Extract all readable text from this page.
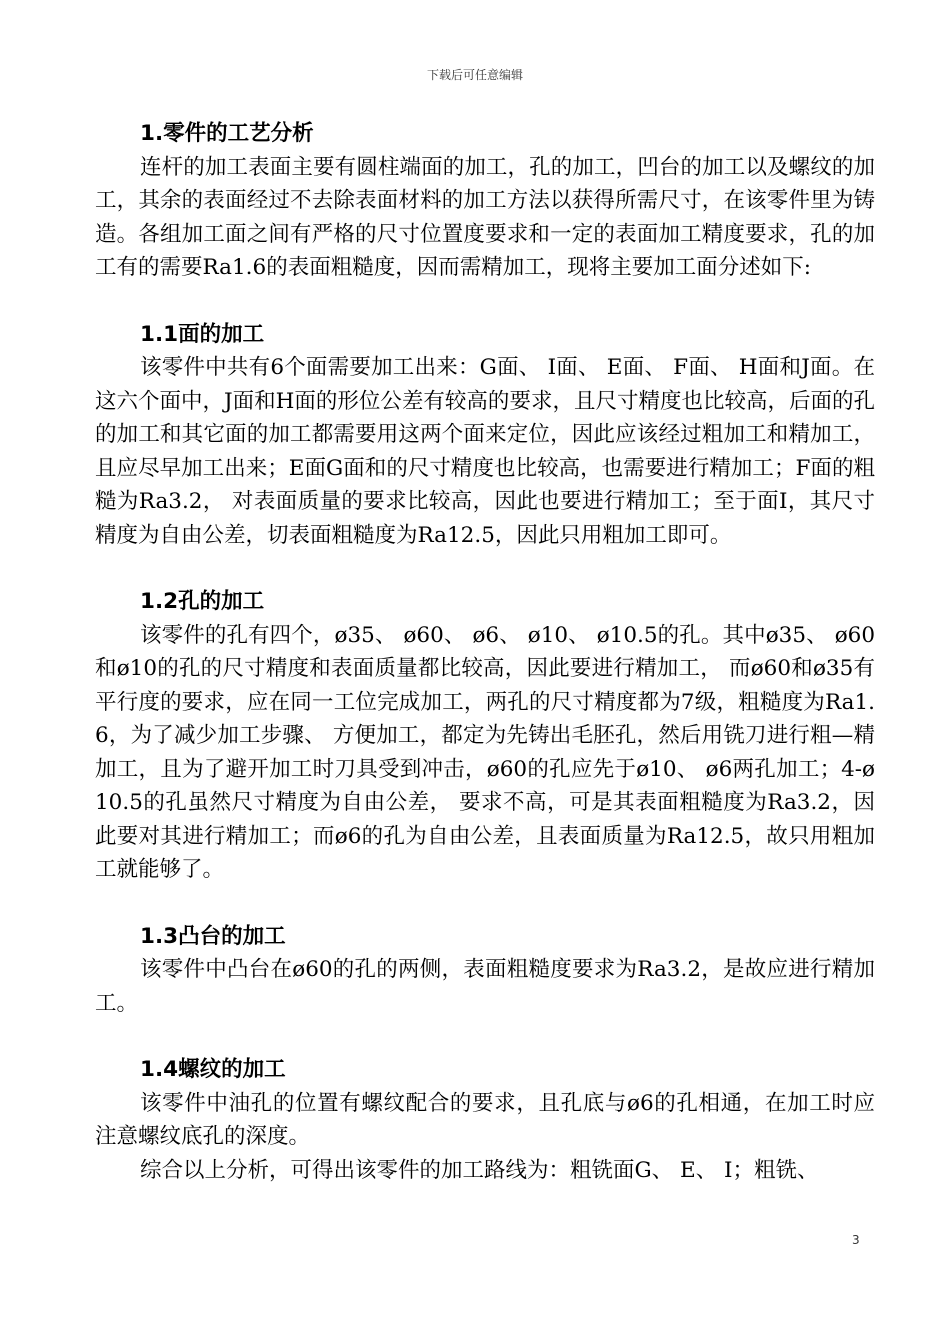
下载后可任意编辑

1.零件的工艺分析

连杆的加工表面主要有圆柱端面的加工，孔的加工，凹台的加工以及螺纹的加工，其余的表面经过不去除表面材料的加工方法以获得所需尺寸，在该零件里为铸造。各组加工面之间有严格的尺寸位置度要求和一定的表面加工精度要求，孔的加工有的需要Ra1.6的表面粗糙度，因而需精加工，现将主要加工面分述如下:

1.1面的加工

该零件中共有6个面需要加工出来：G面、 I面、 E面、 F面、 H面和J面。在这六个面中，J面和H面的形位公差有较高的要求，且尺寸精度也比较高，后面的孔的加工和其它面的加工都需要用这两个面来定位，因此应该经过粗加工和精加工，且应尽早加工出来；E面G面和的尺寸精度也比较高，也需要进行精加工；F面的粗糙为Ra3.2， 对表面质量的要求比较高，因此也要进行精加工；至于面I，其尺寸精度为自由公差，切表面粗糙度为Ra12.5，因此只用粗加工即可。

1.2孔的加工

该零件的孔有四个，ø35、 ø60、 ø6、 ø10、 ø10.5的孔。其中ø35、 ø60和ø10的孔的尺寸精度和表面质量都比较高，因此要进行精加工， 而ø60和ø35有平行度的要求，应在同一工位完成加工，两孔的尺寸精度都为7级，粗糙度为Ra1.6，为了减少加工步骤、 方便加工，都定为先铸出毛胚孔，然后用铣刀进行粗—精加工，且为了避开加工时刀具受到冲击，ø60的孔应先于ø10、 ø6两孔加工；4-ø10.5的孔虽然尺寸精度为自由公差， 要求不高，可是其表面粗糙度为Ra3.2，因此要对其进行精加工；而ø6的孔为自由公差，且表面质量为Ra12.5，故只用粗加工就能够了。

1.3凸台的加工

该零件中凸台在ø60的孔的两侧，表面粗糙度要求为Ra3.2，是故应进行精加工。

1.4螺纹的加工

该零件中油孔的位置有螺纹配合的要求，且孔底与ø6的孔相通，在加工时应注意螺纹底孔的深度。

综合以上分析，可得出该零件的加工路线为：粗铣面G、 E、 I；粗铣、

3
